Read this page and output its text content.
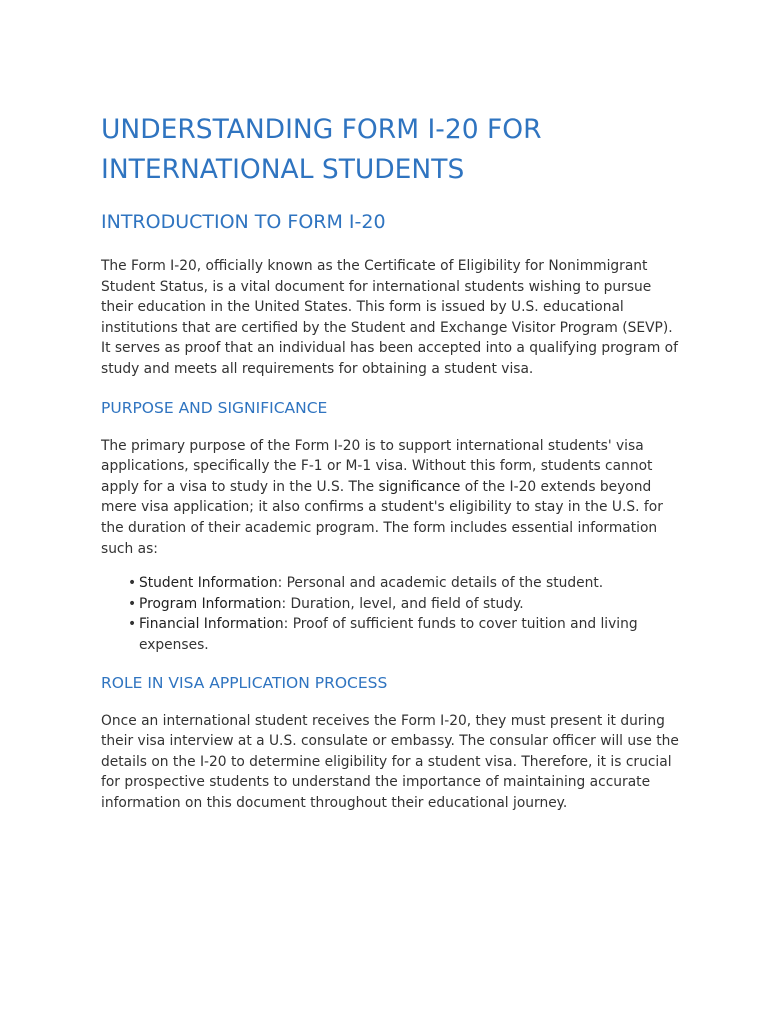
UNDERSTANDING FORM I-20 FOR INTERNATIONAL STUDENTS
INTRODUCTION TO FORM I-20

The Form I-20, officially known as the Certificate of Eligibility for Nonimmigrant Student Status, is a vital document for international students wishing to pursue their education in the United States. This form is issued by U.S. educational institutions that are certified by the Student and Exchange Visitor Program (SEVP). It serves as proof that an individual has been accepted into a qualifying program of study and meets all requirements for obtaining a student visa.

PURPOSE AND SIGNIFICANCE

The primary purpose of the Form I-20 is to support international students' visa applications, specifically the F-1 or M-1 visa. Without this form, students cannot apply for a visa to study in the U.S. The significance of the I-20 extends beyond mere visa application; it also confirms a student's eligibility to stay in the U.S. for the duration of their academic program. The form includes essential information such as:

• Student Information: Personal and academic details of the student.
• Program Information: Duration, level, and field of study.
• Financial Information: Proof of sufficient funds to cover tuition and living expenses.
ROLE IN VISA APPLICATION PROCESS

Once an international student receives the Form I-20, they must present it during their visa interview at a U.S. consulate or embassy. The consular officer will use the details on the I-20 to determine eligibility for a student visa. Therefore, it is crucial for prospective students to understand the importance of maintaining accurate information on this document throughout their educational journey.
